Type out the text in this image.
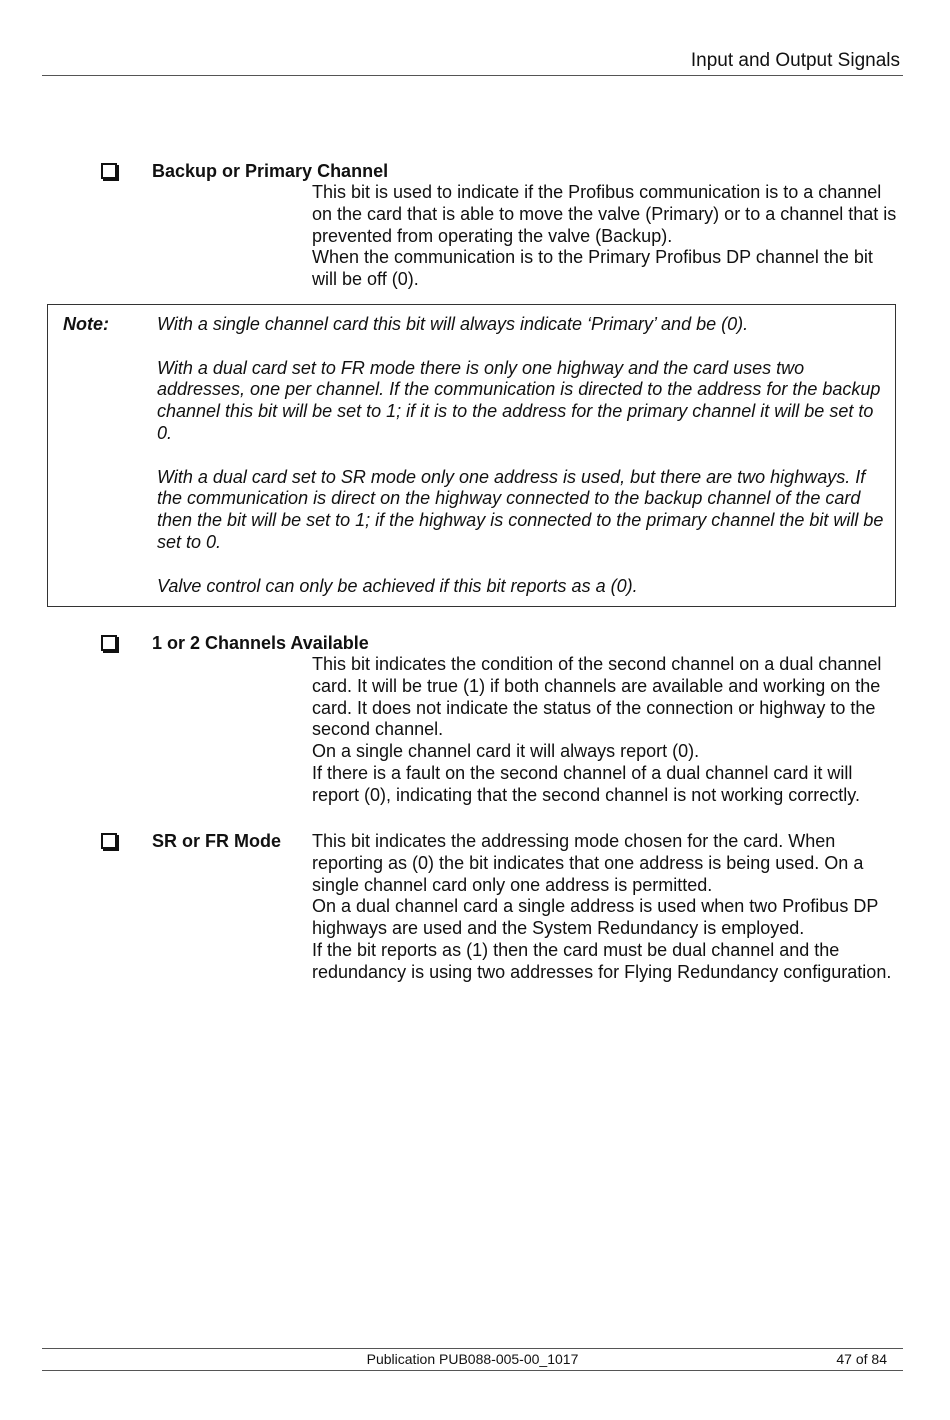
Input and Output Signals
Backup or Primary Channel

This bit is used to indicate if the Profibus communication is to a channel on the card that is able to move the valve (Primary) or to a channel that is prevented from operating the valve (Backup).

When the communication is to the Primary Profibus DP channel the bit will be off (0).

Note:	With a single channel card this bit will always indicate ‘Primary’ and be (0).

With a dual card set to FR mode there is only one highway and the card uses two addresses, one per channel. If the communication is directed to the address for the backup channel this bit will be set to 1; if it is to the address for the primary channel it will be set to 0.

With a dual card set to SR mode only one address is used, but there are two highways. If the communication is direct on the highway connected to the backup channel of the card then the bit will be set to 1; if the highway is connected to the primary channel the bit will be set to 0.

Valve control can only be achieved if this bit reports as a (0).

1 or 2 Channels Available

This bit indicates the condition of the second channel on a dual channel card. It will be true (1) if both channels are available and working on the card. It does not indicate the status of the connection or highway to the second channel.

On a single channel card it will always report (0).

If there is a fault on the second channel of a dual channel card it will report (0), indicating that the second channel is not working correctly.

SR or FR Mode This bit indicates the addressing mode chosen for the card. When reporting as (0) the bit indicates that one address is being used. On a single channel card only one address is permitted.

On a dual channel card a single address is used when two Profibus DP highways are used and the System Redundancy is employed.

If the bit reports as (1) then the card must be dual channel and the redundancy is using two addresses for Flying Redundancy configuration.

Publication PUB088-005-00_1017	47 of 84
